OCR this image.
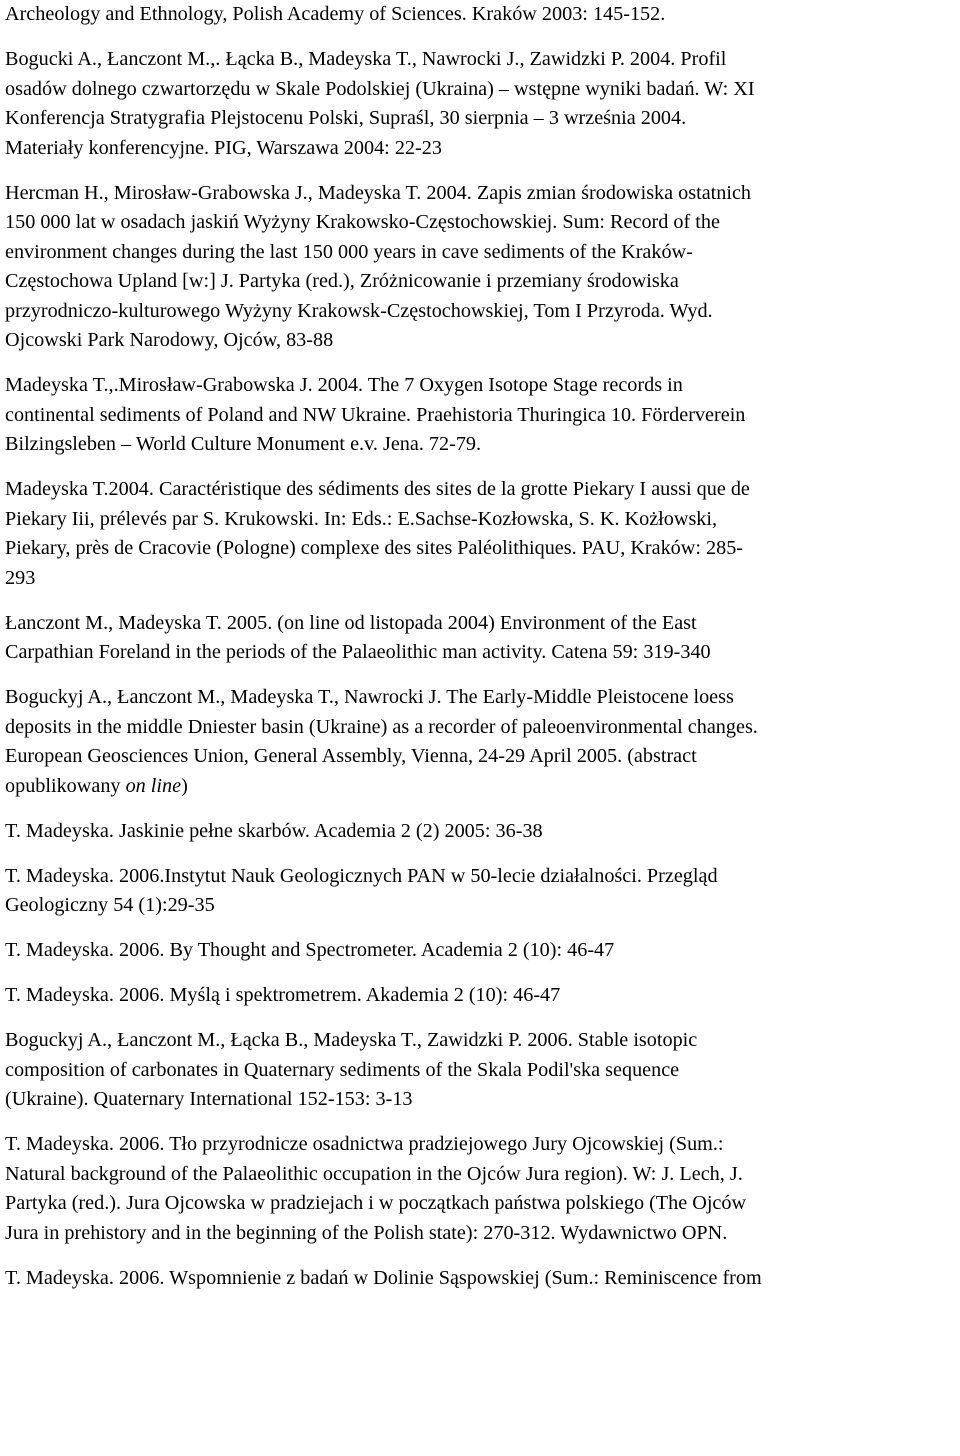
Archeology and Ethnology, Polish Academy of Sciences. Kraków 2003: 145-152.
Bogucki A., Łanczont M.,. Łącka B., Madeyska T., Nawrocki J., Zawidzki P. 2004. Profil
osadów dolnego czwartorzędu w Skale Podolskiej (Ukraina) – wstępne wyniki badań. W: XI
Konferencja Stratygrafia Plejstocenu Polski, Supraśl, 30 sierpnia – 3 września 2004.
Materiały konferencyjne. PIG, Warszawa 2004: 22-23
Hercman H., Mirosław-Grabowska J., Madeyska T. 2004. Zapis zmian środowiska ostatnich
150 000 lat w osadach jaskiń Wyżyny Krakowsko-Częstochowskiej. Sum: Record of the
environment changes during the last 150 000 years in cave sediments of the Kraków-
Częstochowa Upland [w:] J. Partyka (red.), Zróżnicowanie i przemiany środowiska
przyrodniczo-kulturowego Wyżyny Krakowsk-Częstochowskiej, Tom I Przyroda. Wyd.
Ojcowski Park Narodowy, Ojców, 83-88
Madeyska T.,.Mirosław-Grabowska J. 2004. The 7 Oxygen Isotope Stage records in
continental sediments of Poland and NW Ukraine. Praehistoria Thuringica 10. Förderverein
Bilzingsleben – World Culture Monument e.v. Jena. 72-79.
Madeyska T.2004. Caractéristique des sédiments des sites de la grotte Piekary I aussi que de
Piekary Iii, prélevés par S. Krukowski. In: Eds.: E.Sachse-Kozłowska, S. K. Kożłowski,
Piekary, près de Cracovie (Pologne) complexe des sites Paléolithiques. PAU, Kraków: 285-
293
Łanczont M., Madeyska T. 2005. (on line od listopada 2004) Environment of the East
Carpathian Foreland in the periods of the Palaeolithic man activity. Catena 59: 319-340
Boguckyj A., Łanczont M., Madeyska T., Nawrocki J. The Early-Middle Pleistocene loess
deposits in the middle Dniester basin (Ukraine) as a recorder of paleoenvironmental changes.
European Geosciences Union, General Assembly, Vienna, 24-29 April 2005. (abstract
opublikowany on line)
T. Madeyska. Jaskinie pełne skarbów. Academia 2 (2) 2005: 36-38
T. Madeyska. 2006.Instytut Nauk Geologicznych PAN w 50-lecie działalności. Przegląd
Geologiczny 54 (1):29-35
T. Madeyska. 2006. By Thought and Spectrometer. Academia 2 (10): 46-47
T. Madeyska. 2006. Myślą i spektrometrem. Akademia 2 (10): 46-47
Boguckyj A., Łanczont M., Łącka B., Madeyska T., Zawidzki P. 2006. Stable isotopic
composition of carbonates in Quaternary sediments of the Skala Podil'ska sequence
(Ukraine). Quaternary International 152-153: 3-13
T. Madeyska. 2006. Tło przyrodnicze osadnictwa pradziejowego Jury Ojcowskiej (Sum.:
Natural background of the Palaeolithic occupation in the Ojców Jura region). W: J. Lech, J.
Partyka (red.). Jura Ojcowska w pradziejach i w początkach państwa polskiego (The Ojców
Jura in prehistory and in the beginning of the Polish state): 270-312. Wydawnictwo OPN.
T. Madeyska. 2006. Wspomnienie z badań w Dolinie Sąspowskiej (Sum.: Reminiscence from
